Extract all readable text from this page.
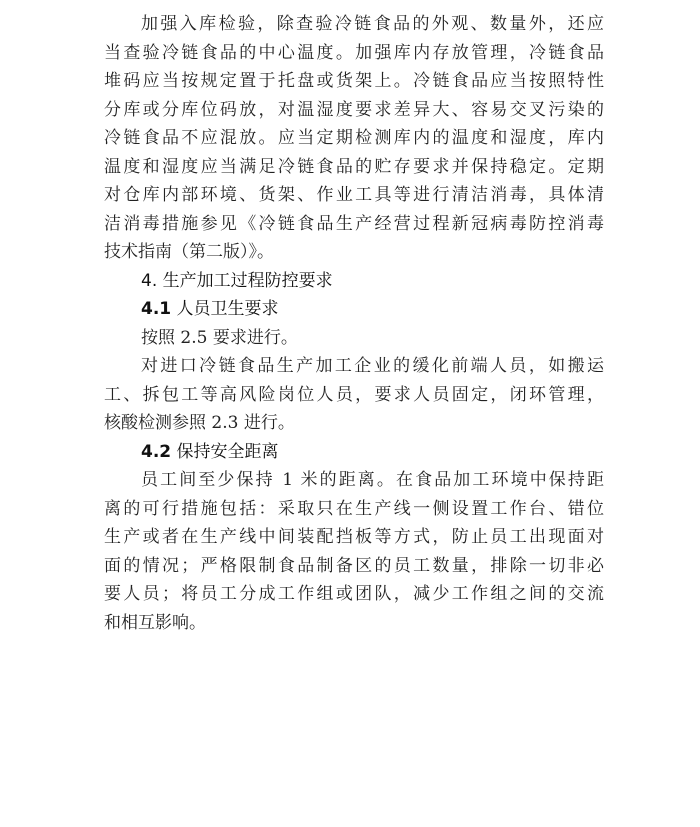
加强入库检验，除查验冷链食品的外观、数量外，还应
当查验冷链食品的中心温度。加强库内存放管理，冷链食品
堆码应当按规定置于托盘或货架上。冷链食品应当按照特性
分库或分库位码放，对温湿度要求差异大、容易交叉污染的
冷链食品不应混放。应当定期检测库内的温度和湿度，库内
温度和湿度应当满足冷链食品的贮存要求并保持稳定。定期
对仓库内部环境、货架、作业工具等进行清洁消毒，具体清
洁消毒措施参见《冷链食品生产经营过程新冠病毒防控消毒
技术指南（第二版）》。
4. 生产加工过程防控要求
4.1 人员卫生要求
按照 2.5 要求进行。
对进口冷链食品生产加工企业的缓化前端人员，如搬运
工、拆包工等高风险岗位人员，要求人员固定，闭环管理，
核酸检测参照 2.3 进行。
4.2 保持安全距离
员工间至少保持 1 米的距离。在食品加工环境中保持距
离的可行措施包括：采取只在生产线一侧设置工作台、错位
生产或者在生产线中间装配挡板等方式，防止员工出现面对
面的情况；严格限制食品制备区的员工数量，排除一切非必
要人员；将员工分成工作组或团队，减少工作组之间的交流
和相互影响。
